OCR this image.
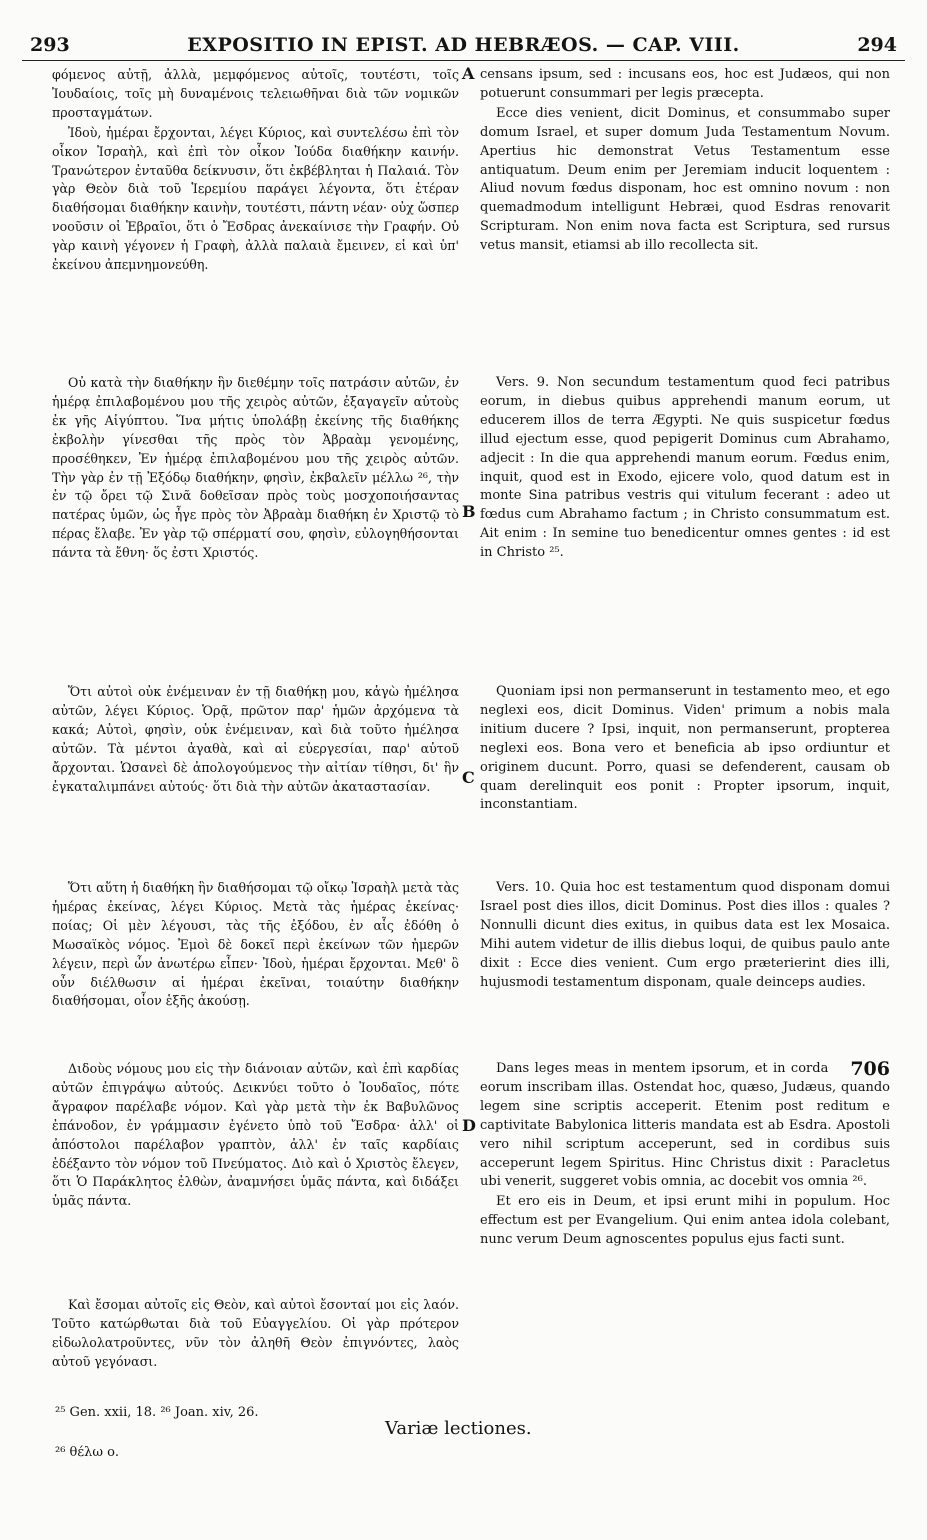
293	EXPOSITIO IN EPIST. AD HEBRÆOS. — CAP. VIII.	294
A
B
C
D

φόμενος αὐτῇ, ἀλλὰ, μεμφόμενος αὐτοῖς, τουτέστι, τοῖς Ἰουδαίοις, τοῖς μὴ δυναμένοις τελειωθῆναι διὰ τῶν νομικῶν προσταγμάτων.

Ἰδοὺ, ἡμέραι ἔρχονται, λέγει Κύριος, καὶ συντελέσω ἐπὶ τὸν οἶκον Ἰσραὴλ, καὶ ἐπὶ τὸν οἶκον Ἰούδα διαθήκην καινήν. Τρανώτερον ἐνταῦθα δείκνυσιν, ὅτι ἐκβέβληται ἡ Παλαιά. Τὸν γὰρ Θεὸν διὰ τοῦ Ἱερεμίου παράγει λέγοντα, ὅτι ἑτέραν διαθήσομαι διαθήκην καινὴν, τουτέστι, πάντη νέαν· οὐχ ὥσπερ νοοῦσιν οἱ Ἑβραῖοι, ὅτι ὁ Ἔσδρας ἀνεκαίνισε τὴν Γραφήν. Οὐ γὰρ καινὴ γέγονεν ἡ Γραφὴ, ἀλλὰ παλαιὰ ἔμεινεν, εἰ καὶ ὑπ' ἐκείνου ἀπεμνημονεύθη.

Οὐ κατὰ τὴν διαθήκην ἣν διεθέμην τοῖς πατράσιν αὐτῶν, ἐν ἡμέρᾳ ἐπιλαβομένου μου τῆς χειρὸς αὐτῶν, ἐξαγαγεῖν αὐτοὺς ἐκ γῆς Αἰγύπτου. Ἵνα μήτις ὑπολάβῃ ἐκείνης τῆς διαθήκης ἐκβολὴν γίνεσθαι τῆς πρὸς τὸν Ἀβραὰμ γενομένης, προσέθηκεν, Ἐν ἡμέρᾳ ἐπιλαβομένου μου τῆς χειρὸς αὐτῶν. Τὴν γὰρ ἐν τῇ Ἐξόδῳ διαθήκην, φησὶν, ἐκβαλεῖν μέλλω ²⁶, τὴν ἐν τῷ ὄρει τῷ Σινᾶ δοθεῖσαν πρὸς τοὺς μοσχοποιήσαντας πατέρας ὑμῶν, ὡς ἦγε πρὸς τὸν Ἀβραὰμ διαθήκη ἐν Χριστῷ τὸ πέρας ἔλαβε. Ἐν γὰρ τῷ σπέρματί σου, φησὶν, εὐλογηθήσονται πάντα τὰ ἔθνη· ὅς ἐστι Χριστός.

Ὅτι αὐτοὶ οὐκ ἐνέμειναν ἐν τῇ διαθήκῃ μου, κἀγὼ ἠμέλησα αὐτῶν, λέγει Κύριος. Ὁρᾷ, πρῶτον παρ' ἡμῶν ἀρχόμενα τὰ κακά; Αὐτοὶ, φησὶν, οὐκ ἐνέμειναν, καὶ διὰ τοῦτο ἠμέλησα αὐτῶν. Τὰ μέντοι ἀγαθὰ, καὶ αἱ εὐεργεσίαι, παρ' αὐτοῦ ἄρχονται. Ὡσανεὶ δὲ ἀπολογούμενος τὴν αἰτίαν τίθησι, δι' ἣν ἐγκαταλιμπάνει αὐτούς· ὅτι διὰ τὴν αὐτῶν ἀκαταστασίαν.

Ὅτι αὕτη ἡ διαθήκη ἣν διαθήσομαι τῷ οἴκῳ Ἰσραὴλ μετὰ τὰς ἡμέρας ἐκείνας, λέγει Κύριος. Μετὰ τὰς ἡμέρας ἐκείνας· ποίας; Οἱ μὲν λέγουσι, τὰς τῆς ἐξόδου, ἐν αἷς ἐδόθη ὁ Μωσαϊκὸς νόμος. Ἐμοὶ δὲ δοκεῖ περὶ ἐκείνων τῶν ἡμερῶν λέγειν, περὶ ὧν ἀνωτέρω εἶπεν· Ἰδοὺ, ἡμέραι ἔρχονται. Μεθ' ὃ οὖν διέλθωσιν αἱ ἡμέραι ἐκεῖναι, τοιαύτην διαθήκην διαθήσομαι, οἷον ἑξῆς ἀκούσῃ.

Διδοὺς νόμους μου εἰς τὴν διάνοιαν αὐτῶν, καὶ ἐπὶ καρδίας αὐτῶν ἐπιγράψω αὐτούς. Δεικνύει τοῦτο ὁ Ἰουδαῖος, πότε ἄγραφον παρέλαβε νόμον. Καὶ γὰρ μετὰ τὴν ἐκ Βαβυλῶνος ἐπάνοδον, ἐν γράμμασιν ἐγένετο ὑπὸ τοῦ Ἔσδρα· ἀλλ' οἱ ἀπόστολοι παρέλαβον γραπτὸν, ἀλλ' ἐν ταῖς καρδίαις ἐδέξαντο τὸν νόμον τοῦ Πνεύματος. Διὸ καὶ ὁ Χριστὸς ἔλεγεν, ὅτι Ὁ Παράκλητος ἐλθὼν, ἀναμνήσει ὑμᾶς πάντα, καὶ διδάξει ὑμᾶς πάντα.

Καὶ ἔσομαι αὐτοῖς εἰς Θεὸν, καὶ αὐτοὶ ἔσονταί μοι εἰς λαόν. Τοῦτο κατώρθωται διὰ τοῦ Εὐαγγελίου. Οἱ γὰρ πρότερον εἰδωλολατροῦντες, νῦν τὸν ἀληθῆ Θεὸν ἐπιγνόντες, λαὸς αὐτοῦ γεγόνασι.

censans ipsum, sed : incusans eos, hoc est Judæos, qui non potuerunt consummari per legis præcepta.

Ecce dies venient, dicit Dominus, et consummabo super domum Israel, et super domum Juda Testamentum Novum. Apertius hic demonstrat Vetus Testamentum esse antiquatum. Deum enim per Jeremiam inducit loquentem : Aliud novum fœdus disponam, hoc est omnino novum : non quemadmodum intelligunt Hebræi, quod Esdras renovarit Scripturam. Non enim nova facta est Scriptura, sed rursus vetus mansit, etiamsi ab illo recollecta sit.

Vers. 9. Non secundum testamentum quod feci patribus eorum, in diebus quibus apprehendi manum eorum, ut educerem illos de terra Ægypti. Ne quis suspicetur fœdus illud ejectum esse, quod pepigerit Dominus cum Abrahamo, adjecit : In die qua apprehendi manum eorum. Fœdus enim, inquit, quod est in Exodo, ejicere volo, quod datum est in monte Sina patribus vestris qui vitulum fecerant : adeo ut fœdus cum Abrahamo factum ; in Christo consummatum est. Ait enim : In semine tuo benedicentur omnes gentes : id est in Christo ²⁵.

Quoniam ipsi non permanserunt in testamento meo, et ego neglexi eos, dicit Dominus. Viden' primum a nobis mala initium ducere ? Ipsi, inquit, non permanserunt, propterea neglexi eos. Bona vero et beneficia ab ipso ordiuntur et originem ducunt. Porro, quasi se defenderent, causam ob quam derelinquit eos ponit : Propter ipsorum, inquit, inconstantiam.

Vers. 10. Quia hoc est testamentum quod disponam domui Israel post dies illos, dicit Dominus. Post dies illos : quales ? Nonnulli dicunt dies exitus, in quibus data est lex Mosaica. Mihi autem videtur de illis diebus loqui, de quibus paulo ante dixit : Ecce dies venient. Cum ergo præterierint dies illi, hujusmodi testamentum disponam, quale deinceps audies.

706
Dans leges meas in mentem ipsorum, et in corda eorum inscribam illas. Ostendat hoc, quæso, Judæus, quando legem sine scriptis acceperit. Etenim post reditum e captivitate Babylonica litteris mandata est ab Esdra. Apostoli vero nihil scriptum acceperunt, sed in cordibus suis acceperunt legem Spiritus. Hinc Christus dixit : Paracletus ubi venerit, suggeret vobis omnia, ac docebit vos omnia ²⁶.

Et ero eis in Deum, et ipsi erunt mihi in populum. Hoc effectum est per Evangelium. Qui enim antea idola colebant, nunc verum Deum agnoscentes populus ejus facti sunt.

²⁵ Gen. xxii, 18. ²⁶ Joan. xiv, 26.
Variæ lectiones.
²⁶ θέλω ο.
